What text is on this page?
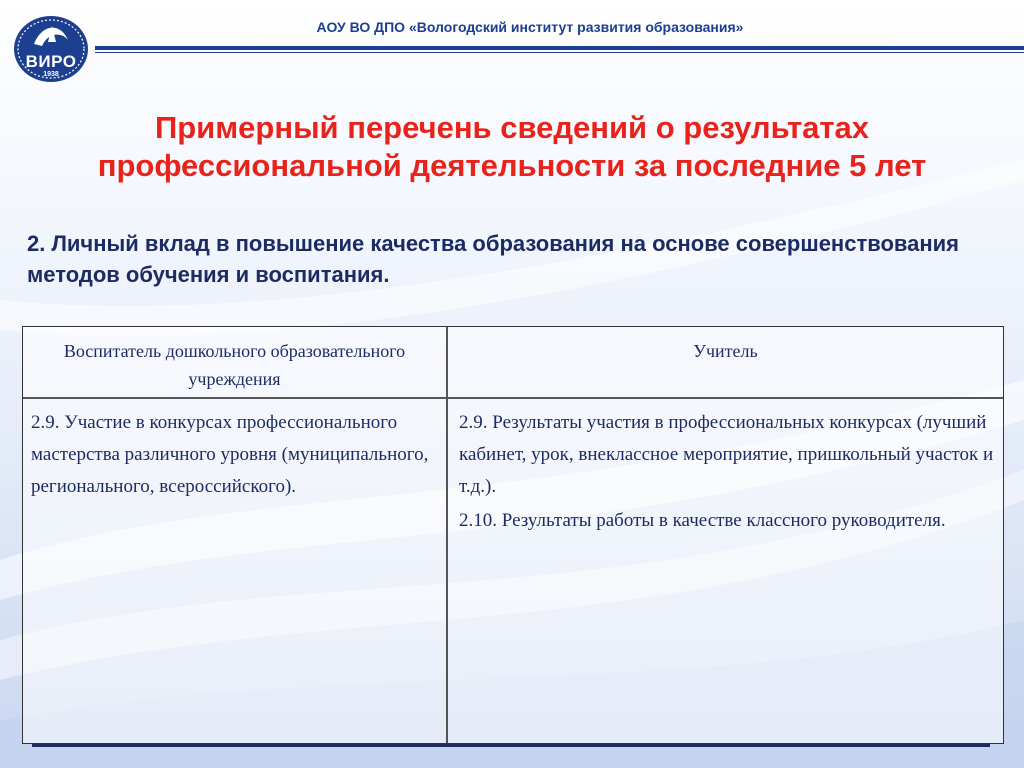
ВИРО
1938
АОУ ВО ДПО «Вологодский институт развития образования»
Примерный перечень сведений о результатах профессиональной деятельности за последние 5 лет
2. Личный вклад в повышение качества образования на основе совершенствования методов обучения и воспитания.
Воспитатель дошкольного образовательного учреждения
Учитель

2.9. Участие в конкурсах профессионального мастерства различного уровня (муниципального, регионального, всероссийского).

2.9. Результаты участия в профессиональных конкурсах (лучший кабинет, урок, внеклассное мероприятие, пришкольный участок и т.д.).

2.10. Результаты работы в качестве классного руководителя.
